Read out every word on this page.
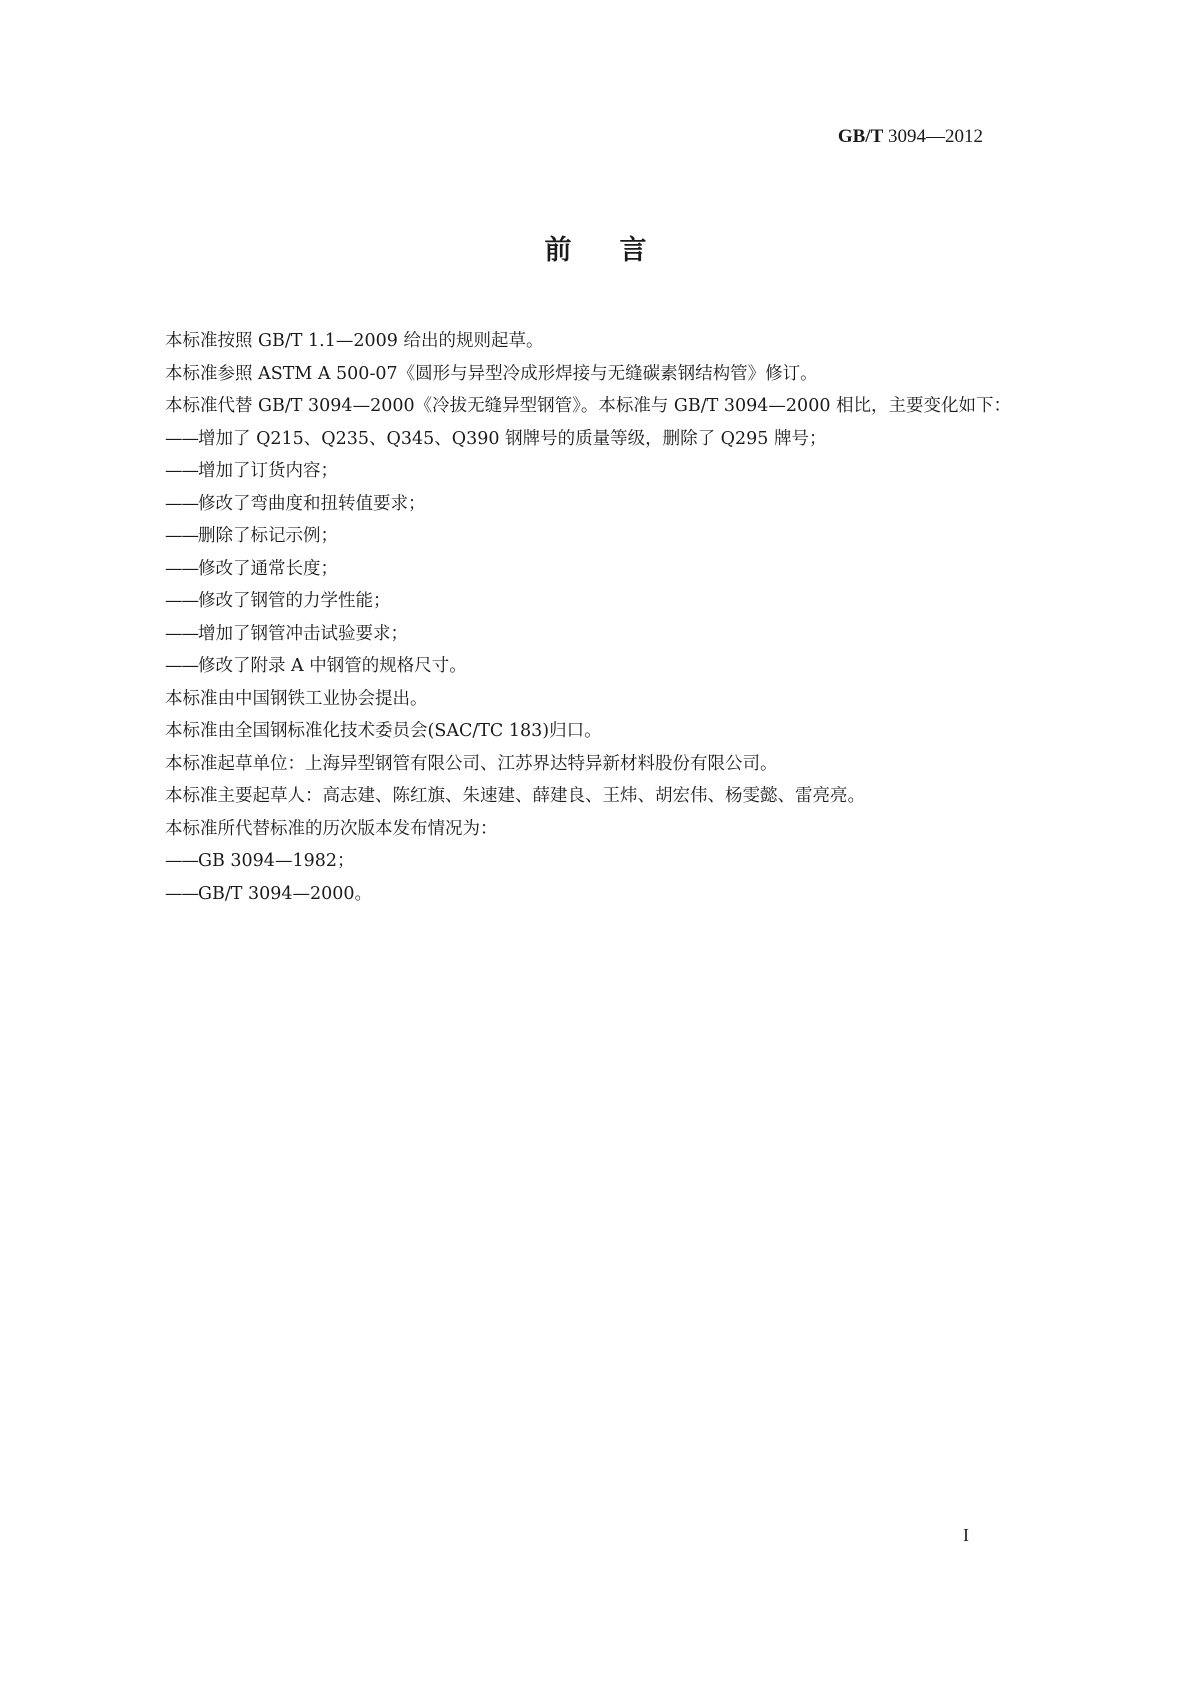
GB/T 3094—2012
前言

本标准按照 GB/T 1.1—2009 给出的规则起草。

本标准参照 ASTM A 500-07《圆形与异型冷成形焊接与无缝碳素钢结构管》修订。

本标准代替 GB/T 3094—2000《冷拔无缝异型钢管》。本标准与 GB/T 3094—2000 相比，主要变化如下：

——增加了 Q215、Q235、Q345、Q390 钢牌号的质量等级，删除了 Q295 牌号；

——增加了订货内容；

——修改了弯曲度和扭转值要求；

——删除了标记示例；

——修改了通常长度；

——修改了钢管的力学性能；

——增加了钢管冲击试验要求；

——修改了附录 A 中钢管的规格尺寸。

本标准由中国钢铁工业协会提出。

本标准由全国钢标准化技术委员会(SAC/TC 183)归口。

本标准起草单位：上海异型钢管有限公司、江苏界达特异新材料股份有限公司。

本标准主要起草人：高志建、陈红旗、朱速建、薛建良、王炜、胡宏伟、杨雯懿、雷亮亮。

本标准所代替标准的历次版本发布情况为：

——GB 3094—1982；

——GB/T 3094—2000。

I
